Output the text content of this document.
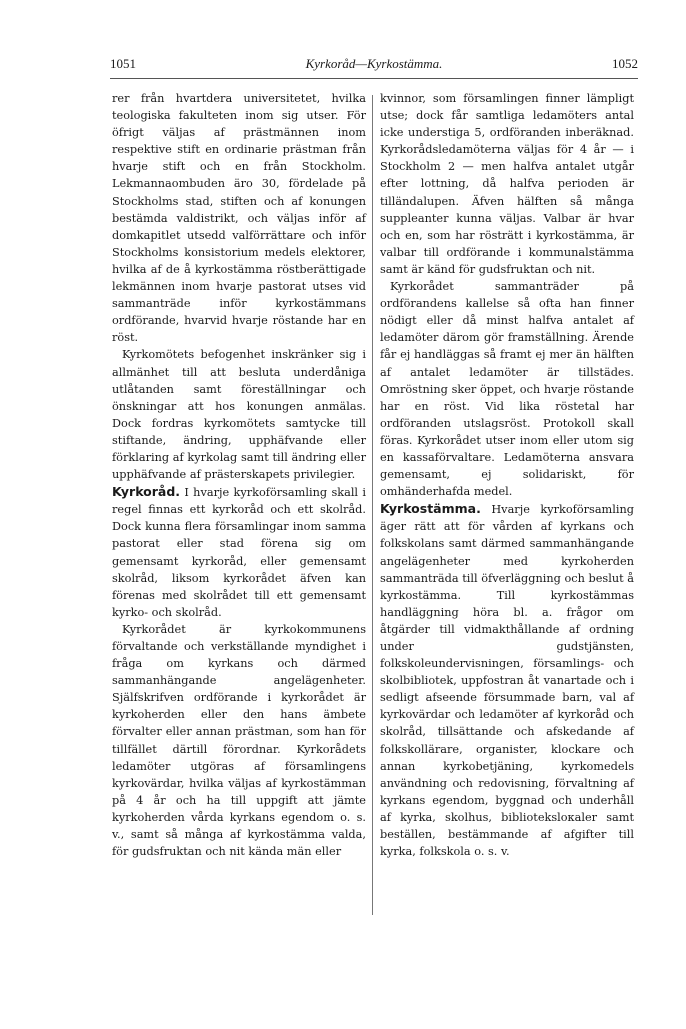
1051	Kyrkoråd—Kyrkostämma.	1052

rer från hvartdera universitetet, hvilka teologiska fakulteten inom sig utser. För öfrigt väljas af prästmännen inom respektive stift en ordinarie prästman från hvarje stift och en från Stockholm. Lekmannaombuden äro 30, fördelade på Stockholms stad, stiften och af konungen bestämda valdistrikt, och väljas inför af domkapitlet utsedd valförrättare och inför Stockholms konsistorium medels elektorer, hvilka af de å kyrkostämma röstberättigade lekmännen inom hvarje pastorat utses vid sammanträde inför kyrkostämmans ordförande, hvarvid hvarje röstande har en röst.

Kyrkomötets befogenhet inskränker sig i allmänhet till att besluta underdåniga utlåtanden samt föreställningar och önskningar att hos konungen anmälas. Dock fordras kyrkomötets samtycke till stiftande, ändring, upphäfvande eller förklaring af kyrkolag samt till ändring eller upphäfvande af prästerskapets privilegier.

Kyrkoråd. I hvarje kyrkoförsamling skall i regel finnas ett kyrkoråd och ett skolråd. Dock kunna flera församlingar inom samma pastorat eller stad förena sig om gemensamt kyrkoråd, eller gemensamt skolråd, liksom kyrkorådet äfven kan förenas med skolrådet till ett gemensamt kyrko- och skolråd.

Kyrkorådet är kyrkokommunens förvaltande och verkställande myndighet i fråga om kyrkans och därmed sammanhängande angelägenheter. Själfskrifven ordförande i kyrkorådet är kyrkoherden eller den hans ämbete förvalter eller annan prästman, som han för tillfället därtill förordnar. Kyrkorådets ledamöter utgöras af församlingens kyrkovärdar, hvilka väljas af kyrkostämman på 4 år och ha till uppgift att jämte kyrkoherden vårda kyrkans egendom o. s. v., samt så många af kyrkostämma valda, för gudsfruktan och nit kända män eller

kvinnor, som församlingen finner lämpligt utse; dock får samtliga ledamöters antal icke understiga 5, ordföranden inberäknad. Kyrkorådsledamöterna väljas för 4 år — i Stockholm 2 — men halfva antalet utgår efter lottning, då halfva perioden är tilländalupen. Äfven hälften så många suppleanter kunna väljas. Valbar är hvar och en, som har rösträtt i kyrkostämma, är valbar till ordförande i kommunalstämma samt är känd för gudsfruktan och nit.

Kyrkorådet sammanträder på ordförandens kallelse så ofta han finner nödigt eller då minst halfva antalet af ledamöter därom gör framställning. Ärende får ej handläggas så framt ej mer än hälften af antalet ledamöter är tillstädes. Omröstning sker öppet, och hvarje röstande har en röst. Vid lika röstetal har ordföranden utslagsröst. Protokoll skall föras. Kyrkorådet utser inom eller utom sig en kassaförvaltare. Ledamöterna ansvara gemensamt, ej solidariskt, för omhänderhafda medel.

Kyrkostämma. Hvarje kyrkoförsamling äger rätt att för vården af kyrkans och folkskolans samt därmed sammanhängande angelägenheter med kyrkoherden sammanträda till öfverläggning och beslut å kyrkostämma. Till kyrkostämmas handläggning höra bl. a. frågor om åtgärder till vidmakthållande af ordning under gudstjänsten, folkskoleundervisningen, församlings- och skolbibliotek, uppfostran åt vanartade och i sedligt afseende försummade barn, val af kyrkovärdar och ledamöter af kyrkoråd och skolråd, tillsättande och afskedande af folkskollärare, organister, klockare och annan kyrkobetjäning, kyrkomedels användning och redovisning, förvaltning af kyrkans egendom, byggnad och underhåll af kyrka, skolhus, biblioteksloкaler samt beställen, bestämmande af afgifter till kyrka, folkskola o. s. v.
